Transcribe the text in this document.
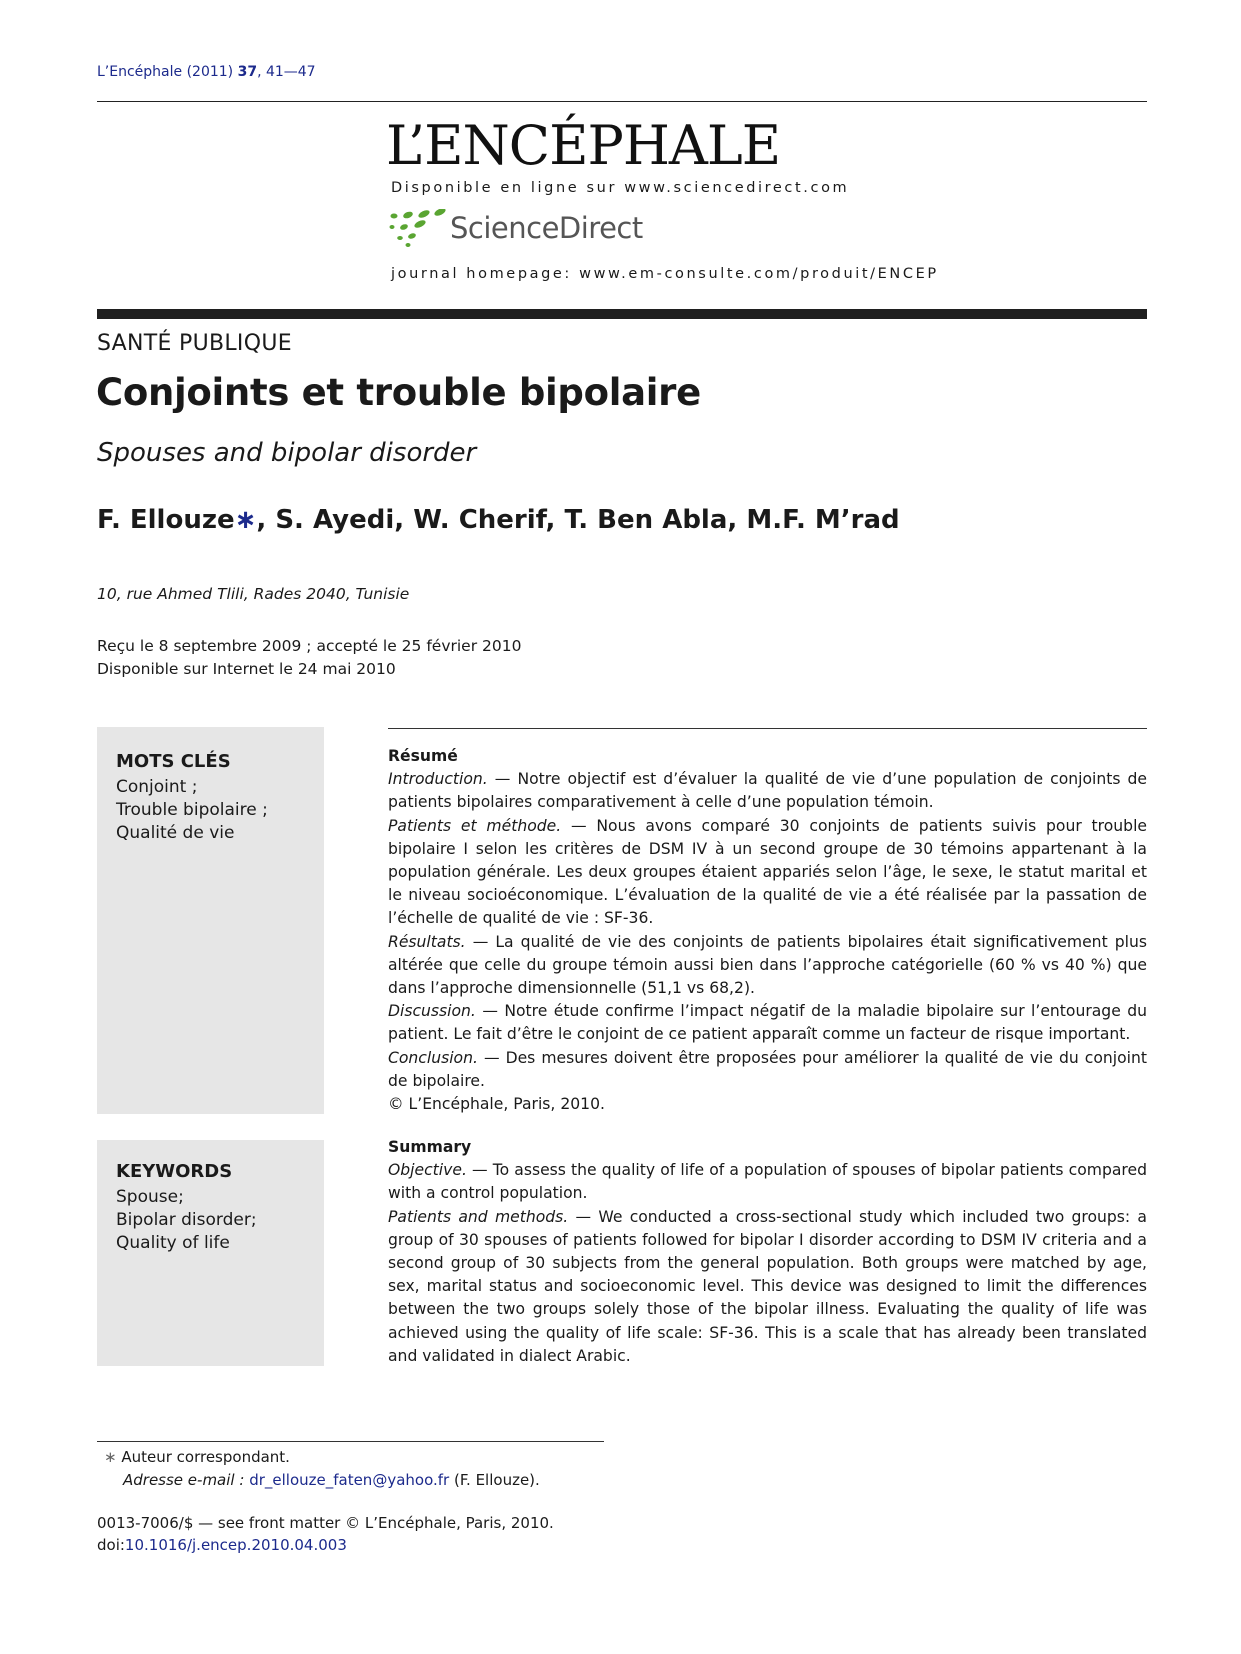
L’Encéphale (2011) 37, 41—47
L’ENCÉPHALE
Disponible en ligne sur www.sciencedirect.com
ScienceDirect
journal homepage: www.em-consulte.com/produit/ENCEP
SANTÉ PUBLIQUE
Conjoints et trouble bipolaire
Spouses and bipolar disorder
F. Ellouze∗, S. Ayedi, W. Cherif, T. Ben Abla, M.F. M’rad
10, rue Ahmed Tlili, Rades 2040, Tunisie
Reçu le 8 septembre 2009 ; accepté le 25 février 2010
Disponible sur Internet le 24 mai 2010
MOTS CLÉS
Conjoint ;
Trouble bipolaire ;
Qualité de vie
KEYWORDS
Spouse;
Bipolar disorder;
Quality of life
Résumé

Introduction. — Notre objectif est d’évaluer la qualité de vie d’une population de conjoints de patients bipolaires comparativement à celle d’une population témoin.

Patients et méthode. — Nous avons comparé 30 conjoints de patients suivis pour trouble bipolaire I selon les critères de DSM IV à un second groupe de 30 témoins appartenant à la population générale. Les deux groupes étaient appariés selon l’âge, le sexe, le statut marital et le niveau socioéconomique. L’évaluation de la qualité de vie a été réalisée par la passation de l’échelle de qualité de vie : SF-36.

Résultats. — La qualité de vie des conjoints de patients bipolaires était significativement plus altérée que celle du groupe témoin aussi bien dans l’approche catégorielle (60 % vs 40 %) que dans l’approche dimensionnelle (51,1 vs 68,2).

Discussion. — Notre étude confirme l’impact négatif de la maladie bipolaire sur l’entourage du patient. Le fait d’être le conjoint de ce patient apparaît comme un facteur de risque important.

Conclusion. — Des mesures doivent être proposées pour améliorer la qualité de vie du conjoint de bipolaire.

© L’Encéphale, Paris, 2010.

Summary

Objective. — To assess the quality of life of a population of spouses of bipolar patients compared with a control population.

Patients and methods. — We conducted a cross-sectional study which included two groups: a group of 30 spouses of patients followed for bipolar I disorder according to DSM IV criteria and a second group of 30 subjects from the general population. Both groups were matched by age, sex, marital status and socioeconomic level. This device was designed to limit the differences between the two groups solely those of the bipolar illness. Evaluating the quality of life was achieved using the quality of life scale: SF-36. This is a scale that has already been translated and validated in dialect Arabic.

∗ Auteur correspondant.
Adresse e-mail : dr_ellouze_faten@yahoo.fr (F. Ellouze).
0013-7006/$ — see front matter © L’Encéphale, Paris, 2010.
doi:10.1016/j.encep.2010.04.003
